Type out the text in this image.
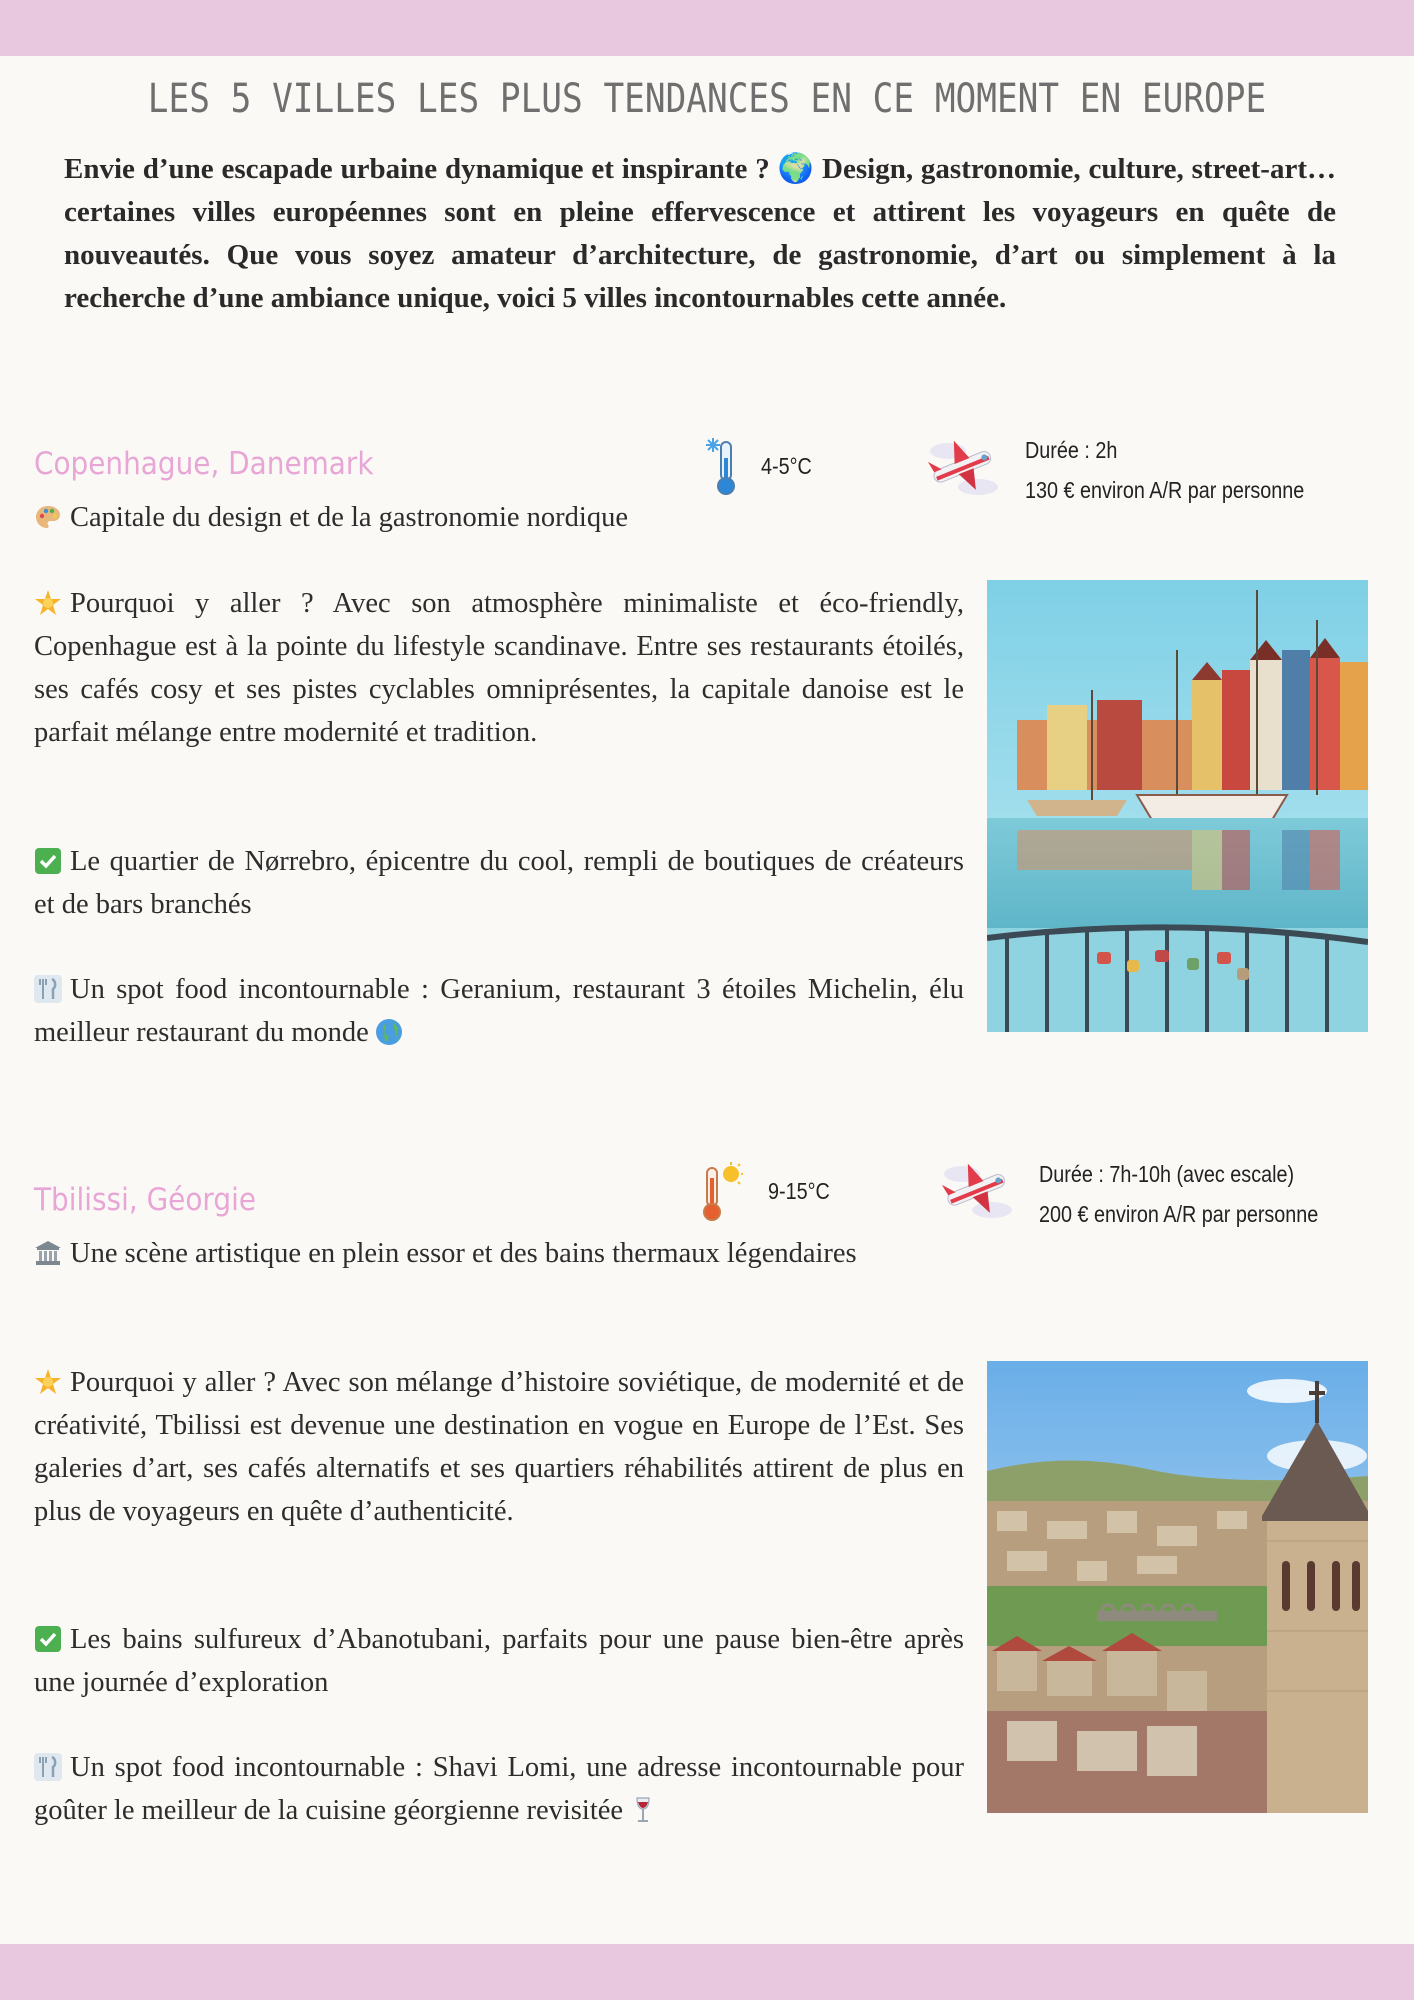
LES 5 VILLES LES PLUS TENDANCES EN CE MOMENT EN EUROPE
Envie d’une escapade urbaine dynamique et inspirante ? 🌍 Design, gastronomie, culture, street-art… certaines villes européennes sont en pleine effervescence et attirent les voyageurs en quête de nouveautés. Que vous soyez amateur d’architecture, de gastronomie, d’art ou simplement à la recherche d’une ambiance unique, voici 5 villes incontournables cette année.
Copenhague, Danemark	4-5°C
Durée : 2h
130 € environ A/R par personne
Capitale du design et de la gastronomie nordique
Pourquoi y aller ? Avec son atmosphère minimaliste et éco-friendly, Copenhague est à la pointe du lifestyle scandinave. Entre ses restaurants étoilés, ses cafés cosy et ses pistes cyclables omniprésentes, la capitale danoise est le parfait mélange entre modernité et tradition.
Le quartier de Nørrebro, épicentre du cool, rempli de boutiques de créateurs et de bars branchés
Un spot food incontournable : Geranium, restaurant 3 étoiles Michelin, élu meilleur restaurant du monde
Tbilissi, Géorgie	9-15°C
Durée : 7h-10h (avec escale)
200 € environ A/R par personne
Une scène artistique en plein essor et des bains thermaux légendaires
Pourquoi y aller ? Avec son mélange d’histoire soviétique, de modernité et de créativité, Tbilissi est devenue une destination en vogue en Europe de l’Est. Ses galeries d’art, ses cafés alternatifs et ses quartiers réhabilités attirent de plus en plus de voyageurs en quête d’authenticité.
Les bains sulfureux d’Abanotubani, parfaits pour une pause bien-être après une journée d’exploration
Un spot food incontournable : Shavi Lomi, une adresse incontournable pour goûter le meilleur de la cuisine géorgienne revisitée
